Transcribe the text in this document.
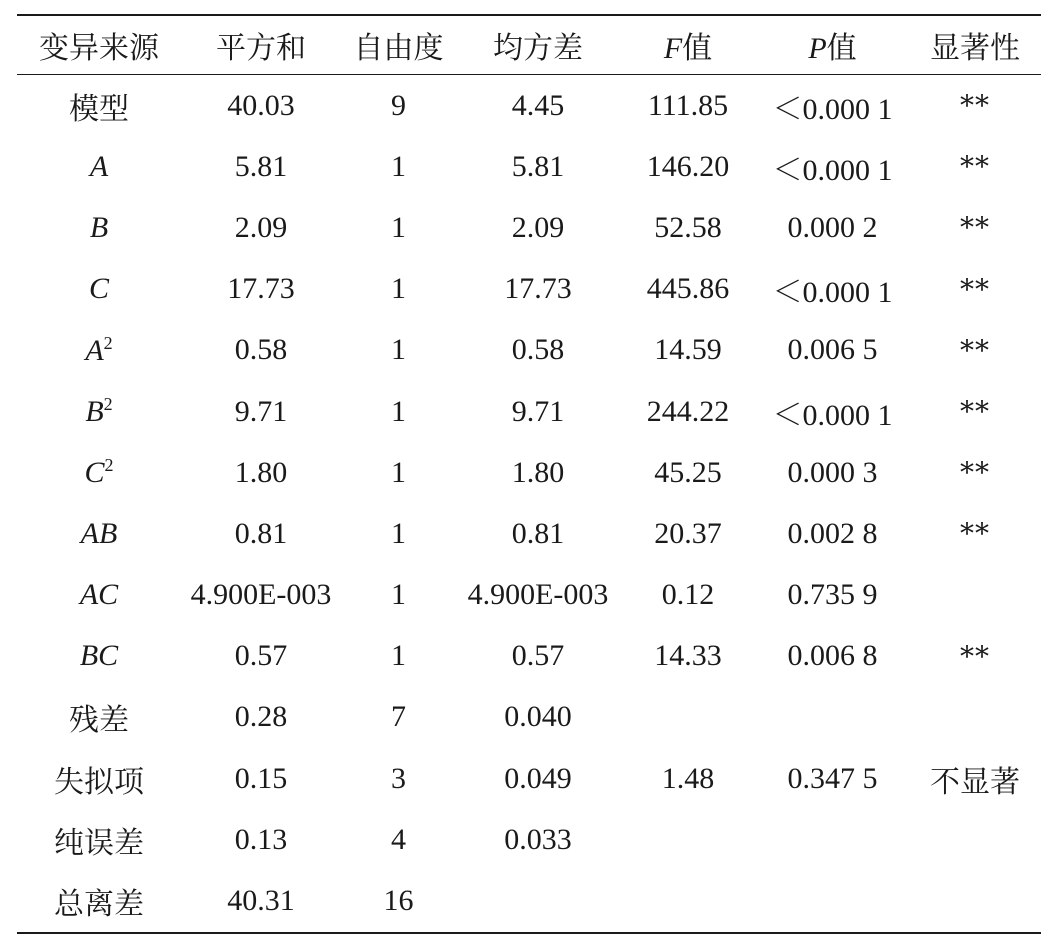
变异来源	平方和	自由度	均方差	F值	P值	显著性
模型	40.03	9	4.45	111.85	＜0.000 1	**
A	5.81	1	5.81	146.20	＜0.000 1	**
B	2.09	1	2.09	52.58	0.000 2	**
C	17.73	1	17.73	445.86	＜0.000 1	**
$A^2$	0.58	1	0.58	14.59	0.006 5	**
$B^2$	9.71	1	9.71	244.22	＜0.000 1	**
$C^2$	1.80	1	1.80	45.25	0.000 3	**
AB	0.81	1	0.81	20.37	0.002 8	**
AC	4.900E-003	1	4.900E-003	0.12	0.735 9	
BC	0.57	1	0.57	14.33	0.006 8	**
残差	0.28	7	0.040			
失拟项	0.15	3	0.049	1.48	0.347 5	不显著
纯误差	0.13	4	0.033			
总离差	40.31	16				
